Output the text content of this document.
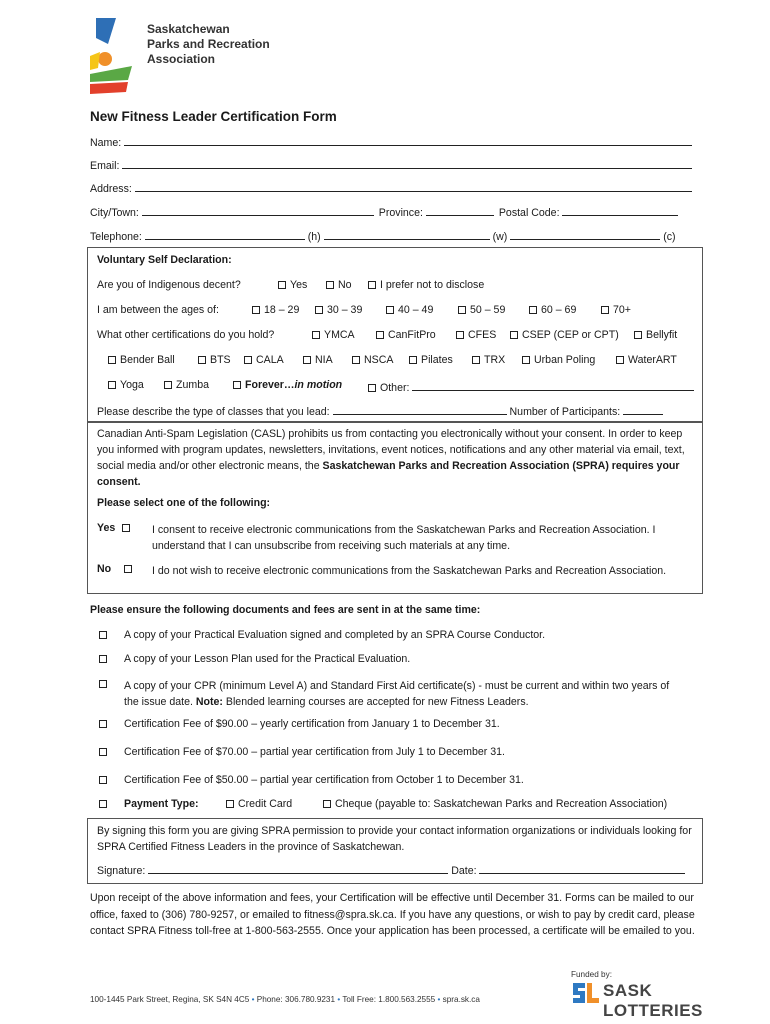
Saskatchewan
Parks and Recreation
Association
New Fitness Leader Certification Form
Name:
Email:
Address:
City/Town:	Province:	Postal Code:
Telephone:	(h)	(w)	(c)
Voluntary Self Declaration:
Are you of Indigenous decent?	Yes	No	I prefer not to disclose
I am between the ages of:	18 – 29	30 – 39	40 – 49	50 – 59	60 – 69	70+
What other certifications do you hold?	YMCA	CanFitPro	CFES	CSEP (CEP or CPT)	Bellyfit
Bender Ball	BTS	CALA	NIA	NSCA	Pilates	TRX	Urban Poling	WaterART
Yoga	Zumba	Forever…in motion	Other:
Please describe the type of classes that you lead:	Number of Participants:
Canadian Anti-Spam Legislation (CASL) prohibits us from contacting you electronically without your consent. In order to keep you informed with program updates, newsletters, invitations, event notices, notifications and any other material via email, text, social media and/or other electronic means, the Saskatchewan Parks and Recreation Association (SPRA) requires your consent.
Please select one of the following:
Yes	I consent to receive electronic communications from the Saskatchewan Parks and Recreation Association. I understand that I can unsubscribe from receiving such materials at any time.
No	I do not wish to receive electronic communications from the Saskatchewan Parks and Recreation Association.
Please ensure the following documents and fees are sent in at the same time:
A copy of your Practical Evaluation signed and completed by an SPRA Course Conductor.
A copy of your Lesson Plan used for the Practical Evaluation.
A copy of your CPR (minimum Level A) and Standard First Aid certificate(s) - must be current and within two years of the issue date. Note: Blended learning courses are accepted for new Fitness Leaders.
Certification Fee of $90.00 – yearly certification from January 1 to December 31.
Certification Fee of $70.00 – partial year certification from July 1 to December 31.
Certification Fee of $50.00 – partial year certification from October 1 to December 31.
Payment Type:	Credit Card	Cheque (payable to: Saskatchewan Parks and Recreation Association)
By signing this form you are giving SPRA permission to provide your contact information organizations or individuals looking for SPRA Certified Fitness Leaders in the province of Saskatchewan.
Signature:	Date:
Upon receipt of the above information and fees, your Certification will be effective until December 31. Forms can be mailed to our office, faxed to (306) 780-9257, or emailed to fitness@spra.sk.ca. If you have any questions, or wish to pay by credit card, please contact SPRA Fitness toll-free at 1-800-563-2555. Once your application has been processed, a certificate will be emailed to you.
100-1445 Park Street, Regina, SK S4N 4C5 • Phone: 306.780.9231 • Toll Free: 1.800.563.2555 • spra.sk.ca
Funded by:
SASK LOTTERIES
